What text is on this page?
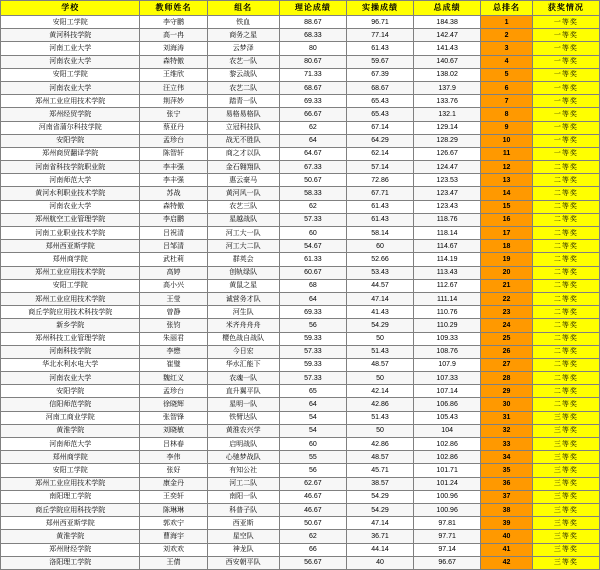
学校	教师姓名	组名	理论成绩	实操成绩	总成绩	总排名	获奖情况
安阳工学院	李守鹏	铁血	88.67	96.71	184.38	1	一等奖
黄河科技学院	高一冉	商务之星	68.33	77.14	142.47	2	一等奖
河南工业大学	刘海涛	云梦泽	80	61.43	141.43	3	一等奖
河南农业大学	森特傲	农艺一队	80.67	59.67	140.67	4	一等奖
安阳工学院	王维欣	黎云战队	71.33	67.39	138.02	5	一等奖
河南农业大学	汪立伟	农艺二队	68.67	68.67	137.9	6	一等奖
郑州工业应用技术学院	荆萍妙	踏青一队	69.33	65.43	133.76	7	一等奖
郑州经贸学院	张宁	易格易格队	66.67	65.43	132.1	8	一等奖
河南省蒲尔科技学院	蔡亚丹	立冠科技队	62	67.14	129.14	9	一等奖
安阳学院	孟珍台	战无不胜队	64	64.29	128.29	10	一等奖
郑州商贸翻译学院	陈智轩	商之才以队	64.67	62.14	126.67	11	一等奖
河南省科技学院职业院	李丰强	金石翱翔队	67.33	57.14	124.47	12	二等奖
河南师范大学	李丰强	惠云豪马	50.67	72.86	123.53	13	二等奖
黄河水利职业技术学院	苏战	黄河风一队	58.33	67.71	123.47	14	二等奖
河南农业大学	森特傲	农艺三队	62	61.43	123.43	15	二等奖
郑州航空工业管理学院	李启鹏	星越战队	57.33	61.43	118.76	16	二等奖
河南工业职业技术学院	吕祝清	河工大一队	60	58.14	118.14	17	二等奖
郑州西亚斯学院	吕邹清	河工大二队	54.67	60	114.67	18	二等奖
郑州商学院	武杜莉	群英会	61.33	52.66	114.19	19	二等奖
郑州工业应用技术学院	高婷	创轨绿队	60.67	53.43	113.43	20	二等奖
安阳工学院	高小兴	黄鼠之星	68	44.57	112.67	21	二等奖
郑州工业应用技术学院	王莹	诚营务才队	64	47.14	111.14	22	二等奖
商丘学院应用技术科技学院	曾静	河生队	69.33	41.43	110.76	23	二等奖
新乡学院	张钧	米齐舟舟舟	56	54.29	110.29	24	二等奖
郑州科技工业管理学院	朱丽君	樱色战自战队	59.33	50	109.33	25	二等奖
河南科技学院	李懋	今日宏	57.33	51.43	108.76	26	二等奖
华北水利水电大学	崔璧	华水汇能下	59.33	48.57	107.9	27	二等奖
河南农业大学	魏红义	农魂一队	57.33	50	107.33	28	二等奖
安阳学院	孟珍台	直升翼平队	65	42.14	107.14	29	二等奖
信阳师范学院	徐晓辉	星明一队	64	42.86	106.86	30	二等奖
河南工商业学院	张智锋	铁臂达队	54	51.43	105.43	31	三等奖
黄淮学院	刘晓敏	黄淮农兴学	54	50	104	32	三等奖
河南师范大学	吕林春	启明战队	60	42.86	102.86	33	三等奖
郑州商学院	李伟	心驰梦战队	55	48.57	102.86	34	三等奖
安阳工学院	张好	有知公社	56	45.71	101.71	35	三等奖
郑州工业应用技术学院	康金丹	河工二队	62.67	38.57	101.24	36	三等奖
南阳理工学院	王奕轩	南阳一队	46.67	54.29	100.96	37	三等奖
商丘学院应用科技学院	陈琳琳	科普子队	46.67	54.29	100.96	38	三等奖
郑州西亚斯学院	郭欢宁	西亚斯	50.67	47.14	97.81	39	三等奖
黄淮学院	曹海宇	星空队	62	36.71	97.71	40	三等奖
郑州财经学院	刘欢欢	神龙队	66	44.14	97.14	41	三等奖
洛阳理工学院	王倩	西安朝平队	56.67	40	96.67	42	三等奖
